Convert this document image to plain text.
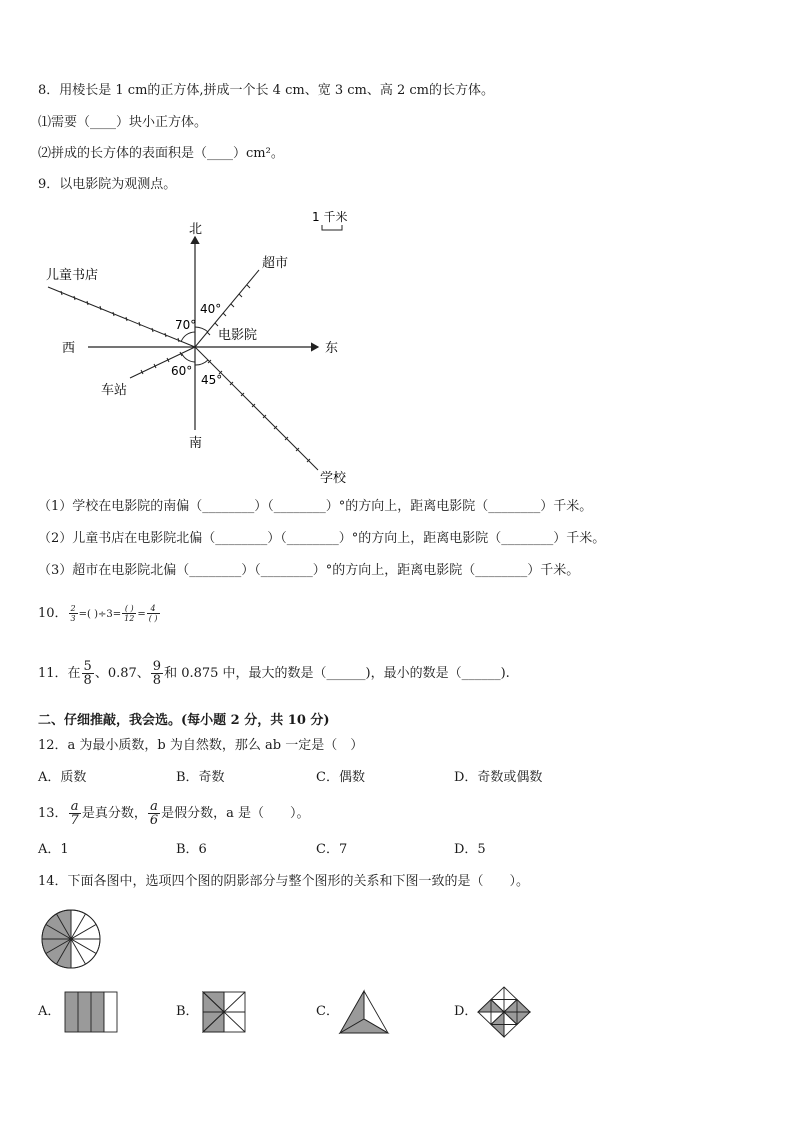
8．用棱长是 1 cm的正方体,拼成一个长 4 cm、宽 3 cm、高 2 cm的长方体。
⑴需要（____）块小正方体。
⑵拼成的长方体的表面积是（____）cm²。
9．以电影院为观测点。
1 千米
北
南
东
西
电影院
超市
儿童书店
车站
学校
40°
70°
60°
45°
（1）学校在电影院的南偏（________）（________）°的方向上，距离电影院（________）千米。
（2）儿童书店在电影院北偏（________）（________）°的方向上，距离电影院（________）千米。
（3）超市在电影院北偏（________）（________）°的方向上，距离电影院（________）千米。
10． $\frac{2}{3}$ =( )$\div 3= \frac{( )}{12} = \frac{4}{( )}$
11．在 $\frac{5}{8}$ 、0.87、 $\frac{9}{8}$ 和 0.875 中，最大的数是（______)，最小的数是（______).
二、仔细推敲，我会选。(每小题 2 分，共 10 分)
12．a 为最小质数，b 为自然数，那么 ab 一定是（　）
A．质数	B．奇数	C．偶数	D．奇数或偶数
13． $\frac{a}{7}$ 是真分数， $\frac{a}{6}$ 是假分数，a 是（　　）。
A．1	B．6	C．7	D．5
14．下面各图中，选项四个图的阴影部分与整个图形的关系和下图一致的是（　　）。
A．	B．	C．	D．
